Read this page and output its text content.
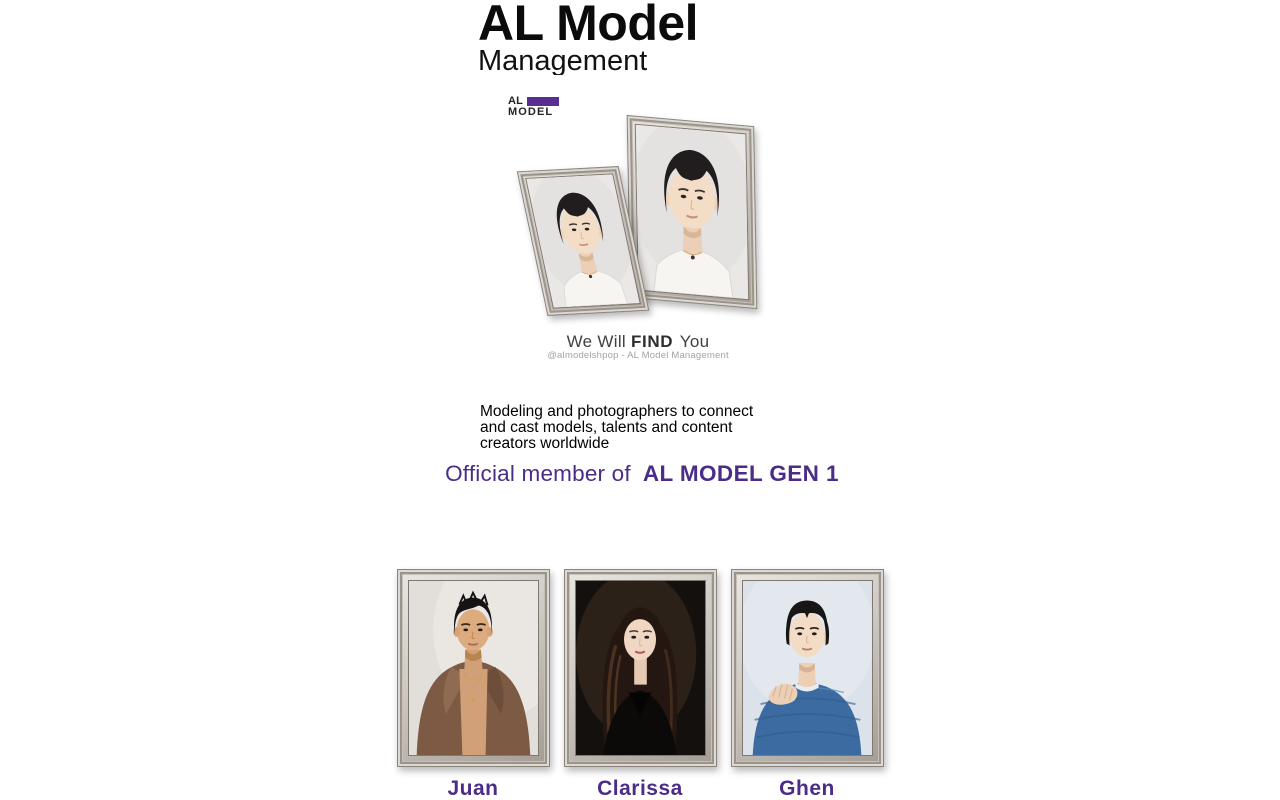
AL Model
Management
AL
MODEL
We Will FIND You
@almodelshpop - AL Model Management

Modeling and photographers to connect and cast models, talents and content creators worldwide

Official member of AL MODEL GEN 1
Juan	Clarissa	Ghen
